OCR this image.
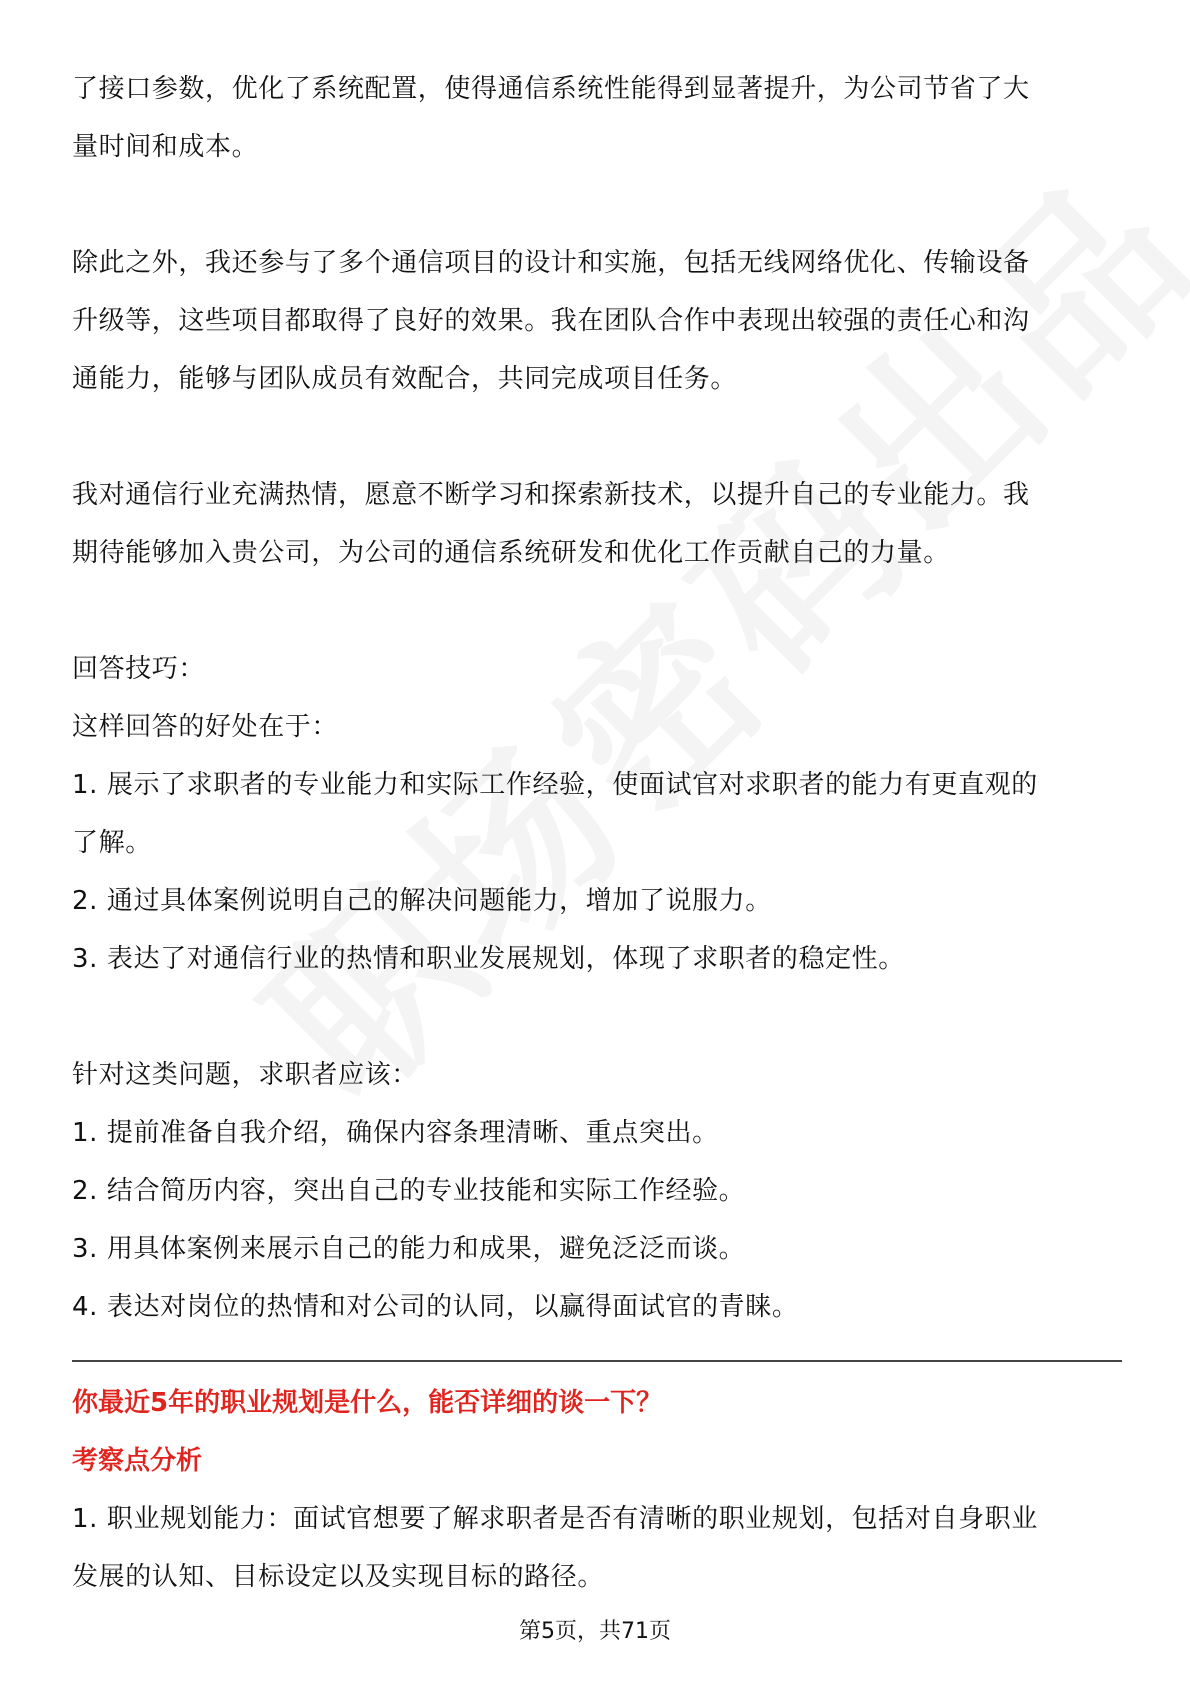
了接口参数，优化了系统配置，使得通信系统性能得到显著提升，为公司节省了大

量时间和成本。

除此之外，我还参与了多个通信项目的设计和实施，包括无线网络优化、传输设备

升级等，这些项目都取得了良好的效果。我在团队合作中表现出较强的责任心和沟

通能力，能够与团队成员有效配合，共同完成项目任务。

我对通信行业充满热情，愿意不断学习和探索新技术，以提升自己的专业能力。我

期待能够加入贵公司，为公司的通信系统研发和优化工作贡献自己的力量。

回答技巧：

这样回答的好处在于：

1. 展示了求职者的专业能力和实际工作经验，使面试官对求职者的能力有更直观的

了解。

2. 通过具体案例说明自己的解决问题能力，增加了说服力。

3. 表达了对通信行业的热情和职业发展规划，体现了求职者的稳定性。

针对这类问题，求职者应该：

1. 提前准备自我介绍，确保内容条理清晰、重点突出。

2. 结合简历内容，突出自己的专业技能和实际工作经验。

3. 用具体案例来展示自己的能力和成果，避免泛泛而谈。

4. 表达对岗位的热情和对公司的认同，以赢得面试官的青睐。

你最近5年的职业规划是什么，能否详细的谈一下？

考察点分析

1. 职业规划能力：面试官想要了解求职者是否有清晰的职业规划，包括对自身职业

发展的认知、目标设定以及实现目标的路径。

第5页，共71页
